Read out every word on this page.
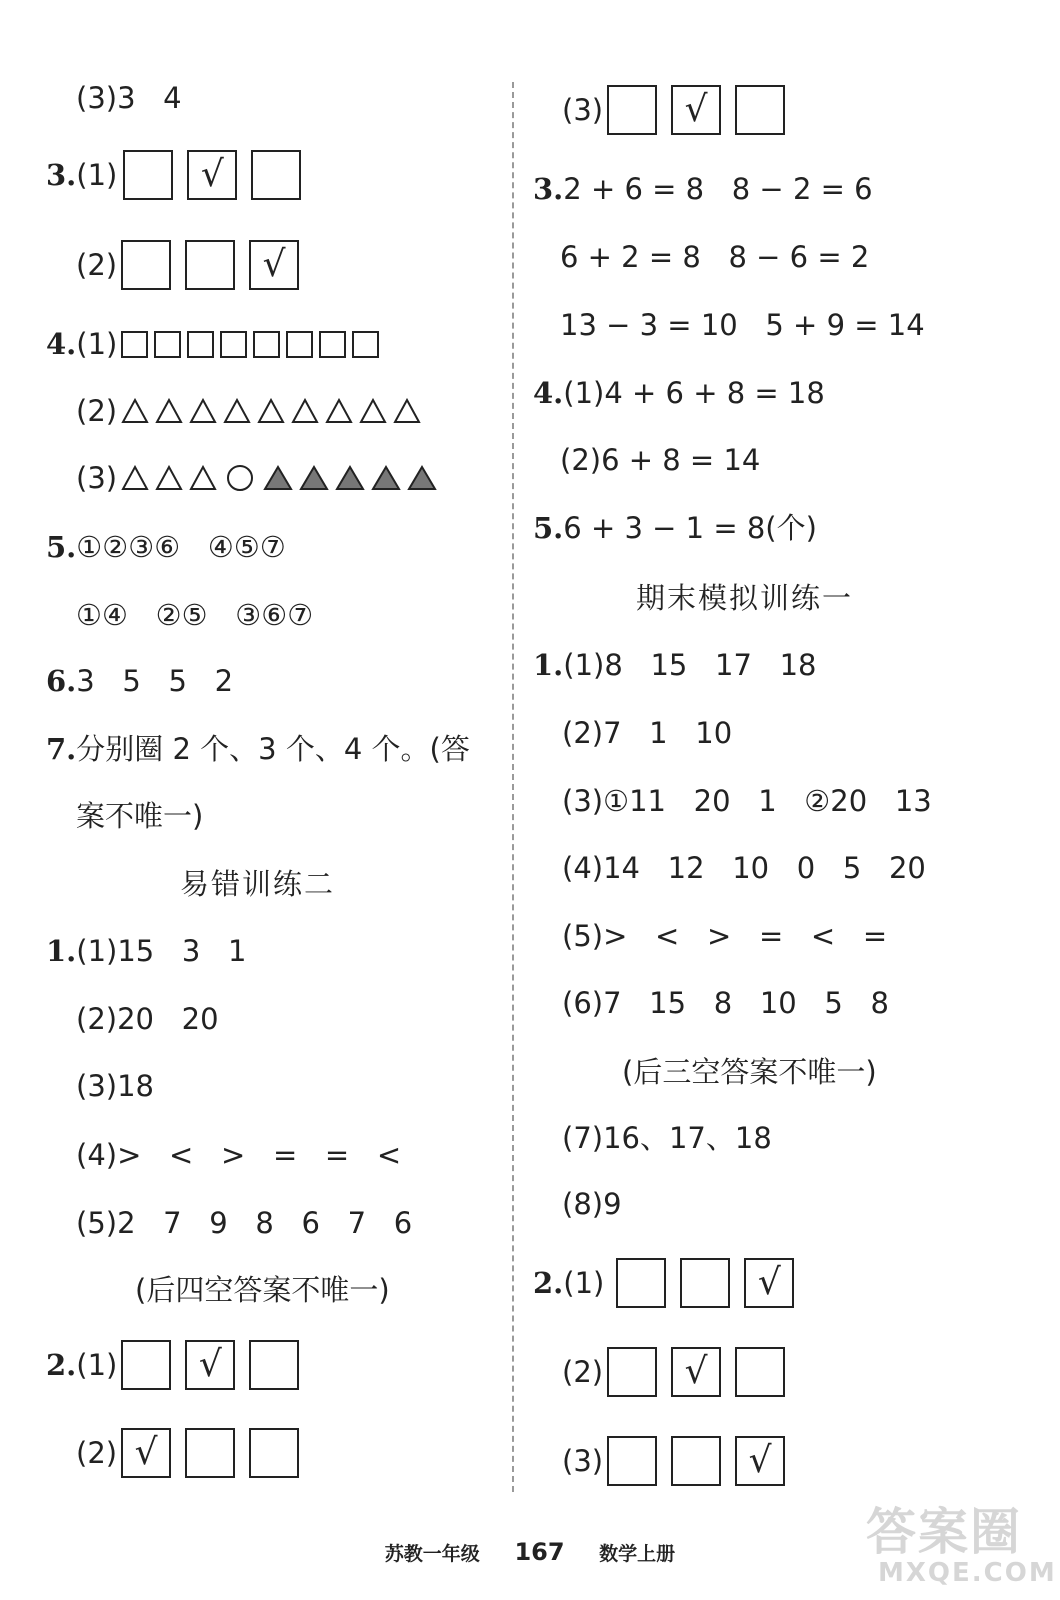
(3)3   4
3.(1)	√
(2)	√
4.(1)
(2)
(3)
5.①②③⑥   ④⑤⑦
①④   ②⑤   ③⑥⑦
6.3   5   5   2
7.分别圈 2 个、3 个、4 个。(答
案不唯一)
易错训练二
1.(1)15   3   1
(2)20   20
(3)18
(4)>   <   >   =   =   <
(5)2   7   9   8   6   7   6
(后四空答案不唯一)
2.(1)	√
(2) √
(3)	√
3.2 + 6 = 8   8 − 2 = 6
6 + 2 = 8   8 − 6 = 2
13 − 3 = 10   5 + 9 = 14
4.(1)4 + 6 + 8 = 18
(2)6 + 8 = 14
5.6 + 3 − 1 = 8(个)
期末模拟训练一
1.(1)8   15   17   18
(2)7   1   10
(3)①11   20   1   ②20   13
(4)14   12   10   0   5   20
(5)>   <   >   =   <   =
(6)7   15   8   10   5   8
(后三空答案不唯一)
(7)16、17、18
(8)9
2.(1)	√
(2)	√
(3)	√
苏教一年级 167 数学上册	答案圈
MXQE.COM
